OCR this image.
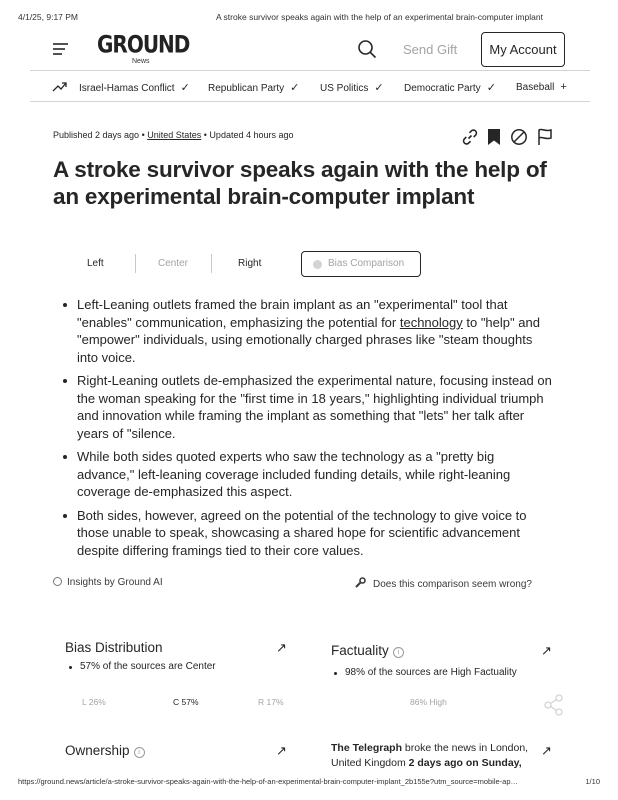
4/1/25, 9:17 PM	A stroke survivor speaks again with the help of an experimental brain-computer implant
GROUND
News
Send Gift	My Account
Israel-Hamas Conflict ✓ Republican Party ✓ US Politics ✓ Democratic Party ✓ Baseball +
Published 2 days ago • United States • Updated 4 hours ago
A stroke survivor speaks again with the help of an experimental brain-computer implant
Left	Center	Right	Bias Comparison
Left-Leaning outlets framed the brain implant as an "experimental" tool that "enables" communication, emphasizing the potential for technology to "help" and "empower" individuals, using emotionally charged phrases like "steam thoughts into voice.
Right-Leaning outlets de-emphasized the experimental nature, focusing instead on the woman speaking for the "first time in 18 years," highlighting individual triumph and innovation while framing the implant as something that "lets" her talk after years of "silence.
While both sides quoted experts who saw the technology as a "pretty big advance," left-leaning coverage included funding details, while right-leaning coverage de-emphasized this aspect.
Both sides, however, agreed on the potential of the technology to give voice to those unable to speak, showcasing a shared hope for scientific advancement despite differing framings tied to their core values.
Insights by Ground AI	Does this comparison seem wrong?
Bias Distribution	↗
57% of the sources are Center
L 26%	C 57%	R 17%
Factuality i	↗
98% of the sources are High Factuality
86% High
Ownership i	↗	The Telegraph broke the news in London, United Kingdom 2 days ago on Sunday,
↗
https://ground.news/article/a-stroke-survivor-speaks-again-with-the-help-of-an-experimental-brain-computer-implant_2b155e?utm_source=mobile-ap…	1/10
